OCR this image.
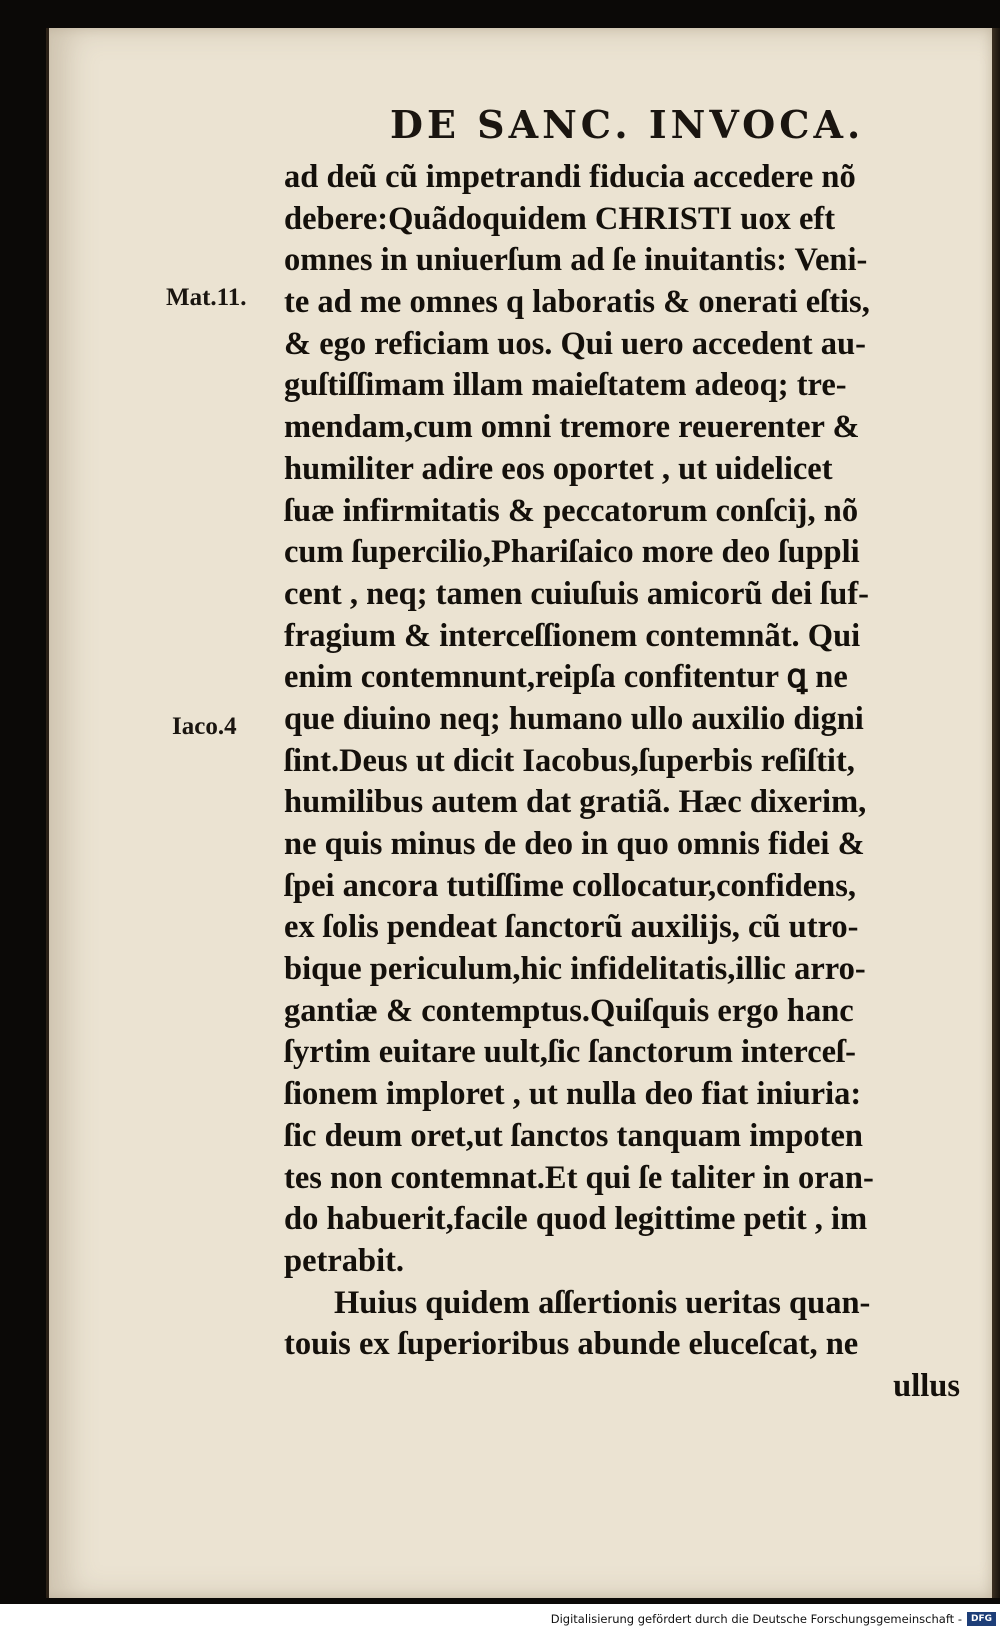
DE SANC. INVOCA.
Mat.11.
Iaco.4
ad deũ cũ impetrandi fiducia accedere nõ
debere:Quãdoquidem CHRISTI uox eft
omnes in uniuerſum ad ſe inuitantis: Veni-
te ad me omnes q laboratis & onerati eſtis,
& ego reficiam uos. Qui uero accedent au-
guſtiſſimam illam maieſtatem adeoq; tre-
mendam,cum omni tremore reuerenter &
humiliter adire eos oportet , ut uidelicet
ſuæ infirmitatis & peccatorum conſcij, nõ
cum ſupercilio,Phariſaico more deo ſuppli
cent , neq; tamen cuiuſuis amicorũ dei ſuf-
fragium & interceſſionem contemnãt. Qui
enim contemnunt,reipſa confitentur ꝗ ne
que diuino neq; humano ullo auxilio digni
ſint.Deus ut dicit Iacobus,ſuperbis reſiſtit,
humilibus autem dat gratiã. Hæc dixerim,
ne quis minus de deo in quo omnis fidei &
ſpei ancora tutiſſime collocatur,confidens,
ex ſolis pendeat ſanctorũ auxilijs, cũ utro-
bique periculum,hic infidelitatis,illic arro-
gantiæ & contemptus.Quiſquis ergo hanc
ſyrtim euitare uult,ſic ſanctorum interceſ-
ſionem imploret , ut nulla deo fiat iniuria:
ſic deum oret,ut ſanctos tanquam impoten
tes non contemnat.Et qui ſe taliter in oran-
do habuerit,facile quod legittime petit , im
petrabit.
Huius quidem aſſertionis ueritas quan-
touis ex ſuperioribus abunde eluceſcat, ne
ullus
Digitalisierung gefördert durch die Deutsche Forschungsgemeinschaft - DFG
